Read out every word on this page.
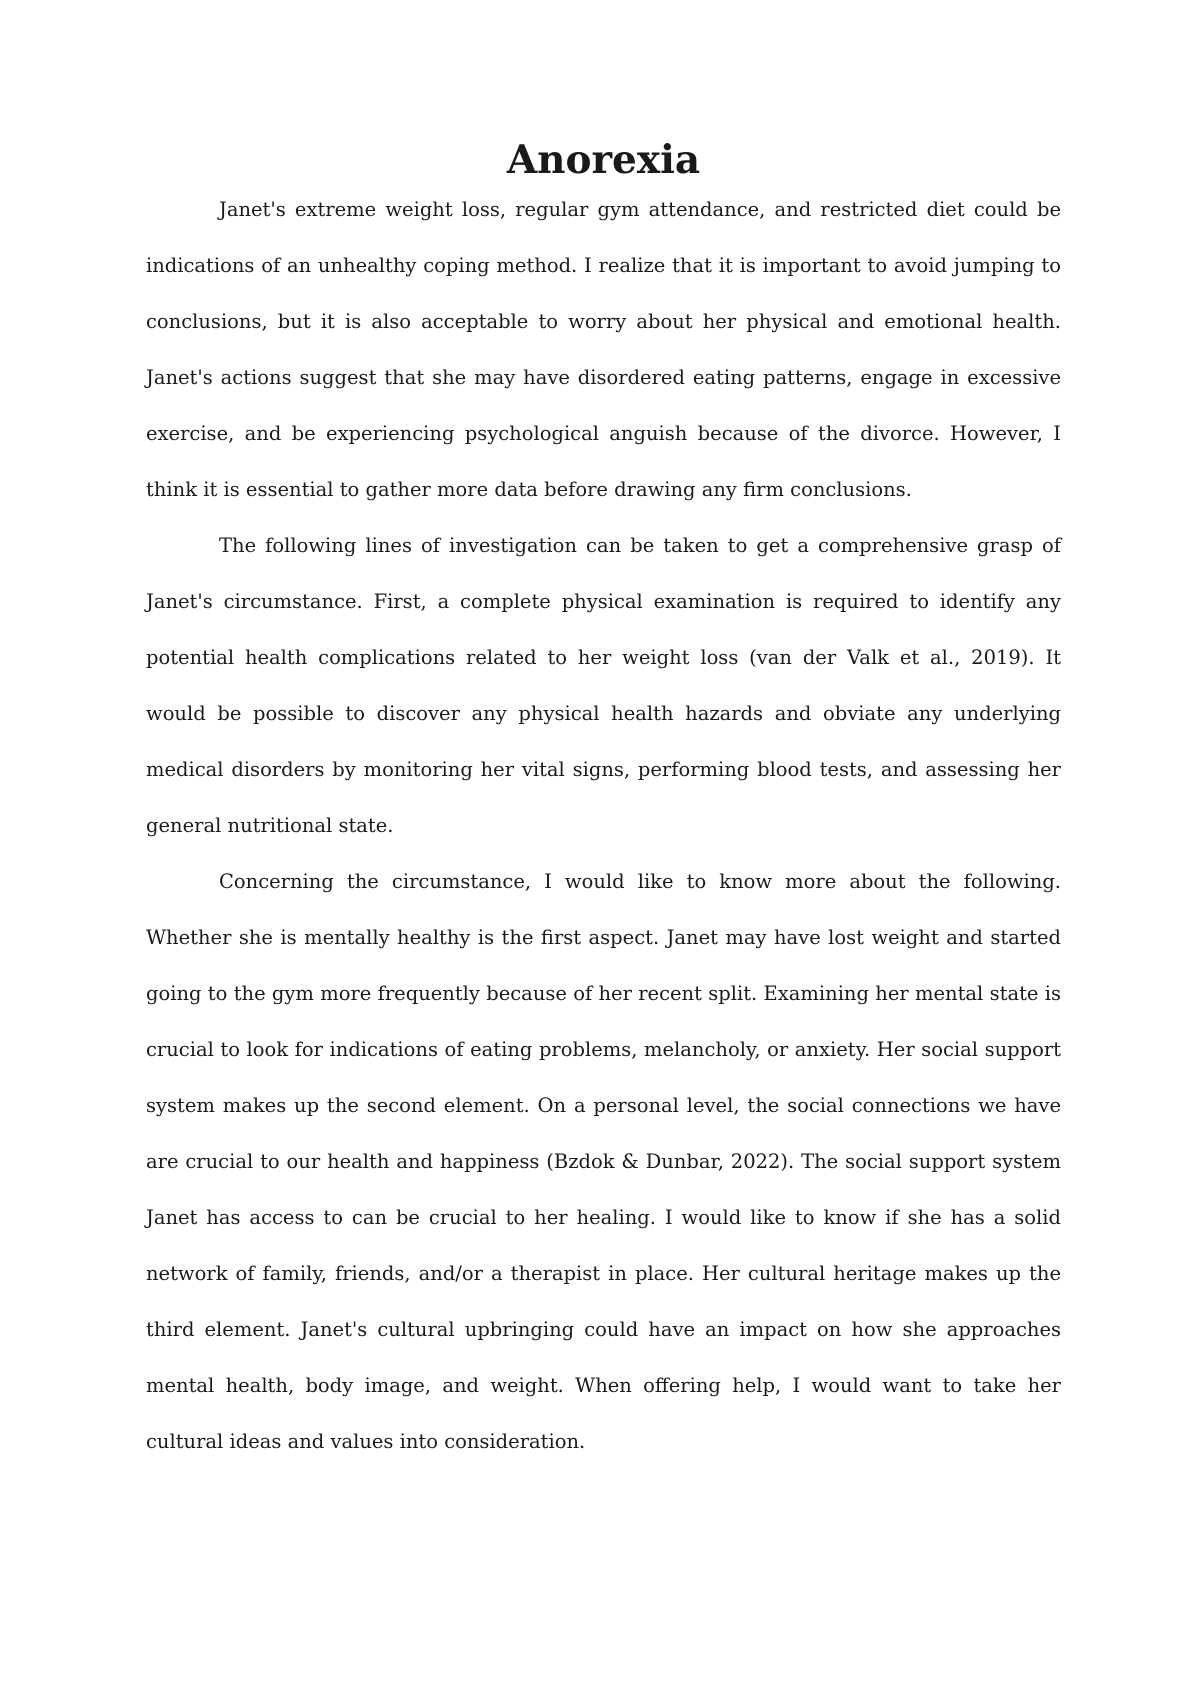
Anorexia

Janet's extreme weight loss, regular gym attendance, and restricted diet could be indications of an unhealthy coping method. I realize that it is important to avoid jumping to conclusions, but it is also acceptable to worry about her physical and emotional health. Janet's actions suggest that she may have disordered eating patterns, engage in excessive exercise, and be experiencing psychological anguish because of the divorce. However, I think it is essential to gather more data before drawing any firm conclusions.

The following lines of investigation can be taken to get a comprehensive grasp of Janet's circumstance. First, a complete physical examination is required to identify any potential health complications related to her weight loss (van der Valk et al., 2019). It would be possible to discover any physical health hazards and obviate any underlying medical disorders by monitoring her vital signs, performing blood tests, and assessing her general nutritional state.

Concerning the circumstance, I would like to know more about the following. Whether she is mentally healthy is the first aspect. Janet may have lost weight and started going to the gym more frequently because of her recent split. Examining her mental state is crucial to look for indications of eating problems, melancholy, or anxiety. Her social support system makes up the second element. On a personal level, the social connections we have are crucial to our health and happiness (Bzdok & Dunbar, 2022). The social support system Janet has access to can be crucial to her healing. I would like to know if she has a solid network of family, friends, and/or a therapist in place. Her cultural heritage makes up the third element. Janet's cultural upbringing could have an impact on how she approaches mental health, body image, and weight. When offering help, I would want to take her cultural ideas and values into consideration.
